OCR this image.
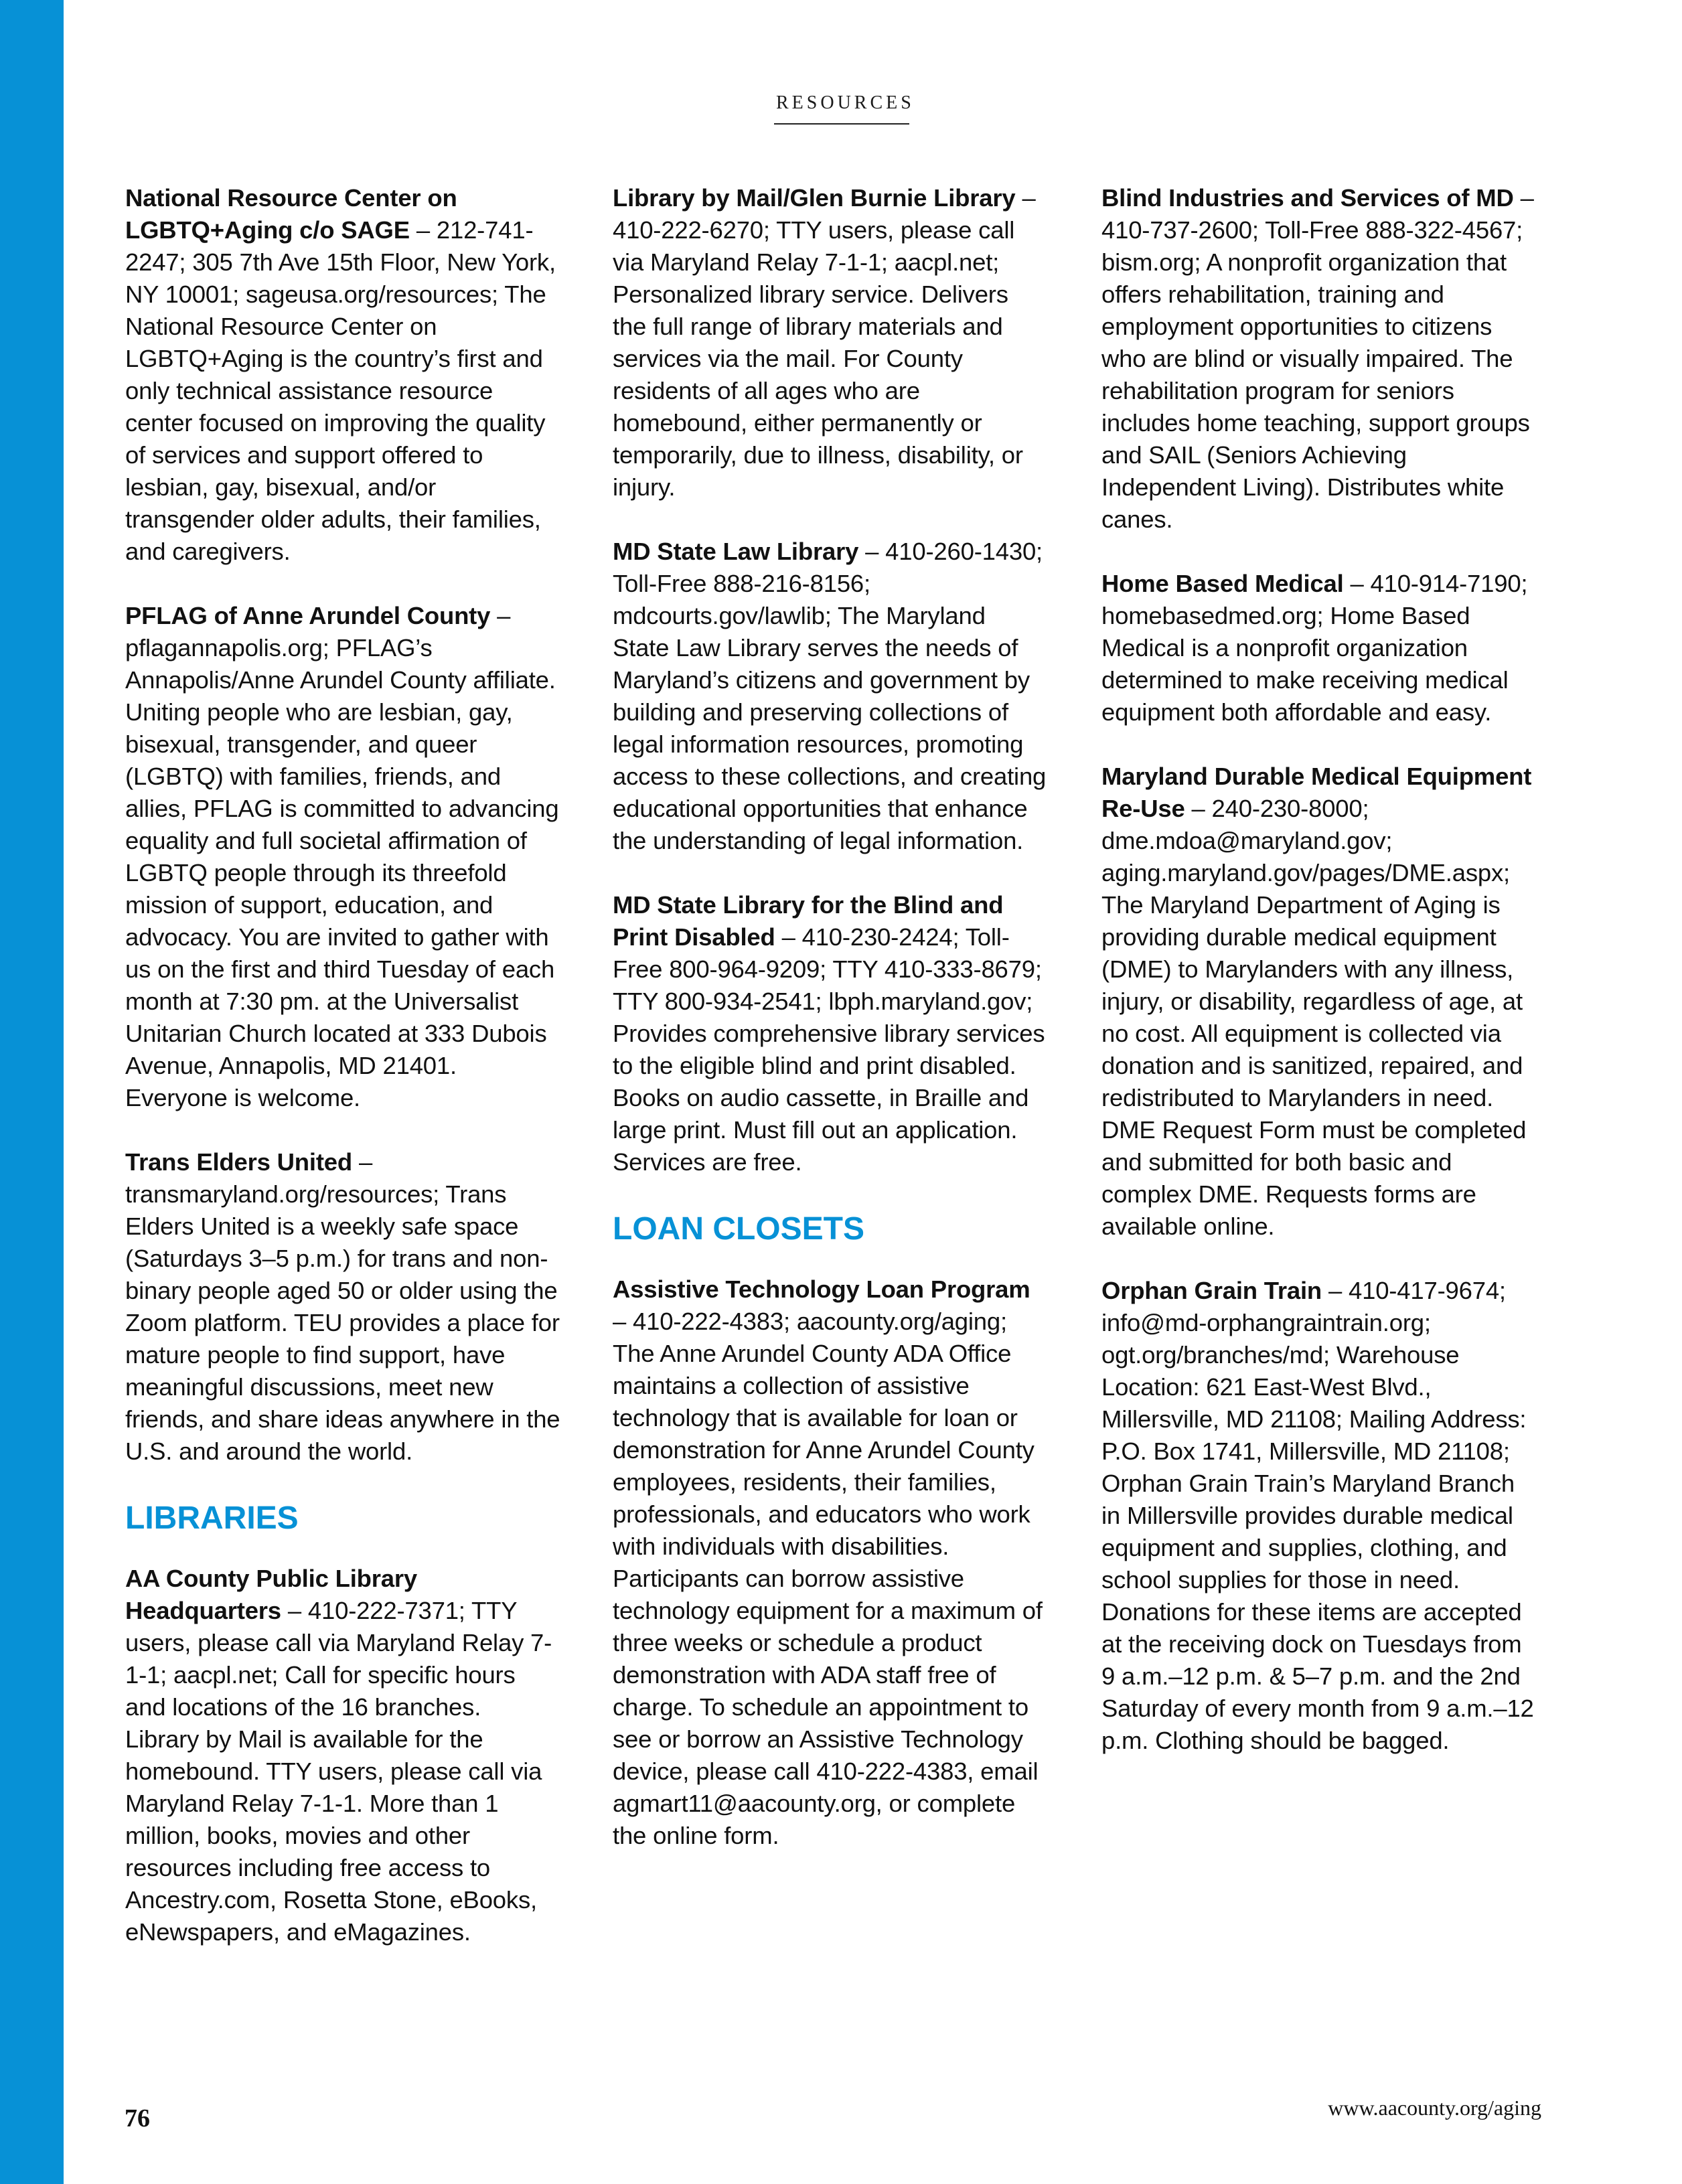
RESOURCES

National Resource Center on LGBTQ+Aging c/o SAGE – 212-741-2247; 305 7th Ave 15th Floor, New York, NY 10001; sageusa.org/resources; The National Resource Center on LGBTQ+Aging is the country’s first and only technical assistance resource center focused on improving the quality of services and support offered to lesbian, gay, bisexual, and/or transgender older adults, their families, and caregivers.

PFLAG of Anne Arundel County – pflagannapolis.org; PFLAG’s Annapolis/Anne Arundel County affiliate. Uniting people who are lesbian, gay, bisexual, transgender, and queer (LGBTQ) with families, friends, and allies, PFLAG is committed to advancing equality and full societal affirmation of LGBTQ people through its threefold mission of support, education, and advocacy. You are invited to gather with us on the first and third Tuesday of each month at 7:30 pm. at the Universalist Unitarian Church located at 333 Dubois Avenue, Annapolis, MD 21401. Everyone is welcome.

Trans Elders United – transmaryland.org/resources; Trans Elders United is a weekly safe space (Saturdays 3–5 p.m.) for trans and non-binary people aged 50 or older using the Zoom platform. TEU provides a place for mature people to find support, have meaningful discussions, meet new friends, and share ideas anywhere in the U.S. and around the world.

LIBRARIES

AA County Public Library Headquarters – 410-222-7371; TTY users, please call via Maryland Relay 7-1-1; aacpl.net; Call for specific hours and locations of the 16 branches. Library by Mail is available for the homebound. TTY users, please call via Maryland Relay 7-1-1. More than 1 million, books, movies and other resources including free access to Ancestry.com, Rosetta Stone, eBooks, eNewspapers, and eMagazines.

Library by Mail/Glen Burnie Library – 410-222-6270; TTY users, please call via Maryland Relay 7-1-1; aacpl.net; Personalized library service. Delivers the full range of library materials and services via the mail. For County residents of all ages who are homebound, either permanently or temporarily, due to illness, disability, or injury.

MD State Law Library – 410-260-1430; Toll-Free 888-216-8156; mdcourts.gov/lawlib; The Maryland State Law Library serves the needs of Maryland’s citizens and government by building and preserving collections of legal information resources, promoting access to these collections, and creating educational opportunities that enhance the understanding of legal information.

MD State Library for the Blind and Print Disabled – 410-230-2424; Toll-Free 800-964-9209; TTY 410-333-8679; TTY 800-934-2541; lbph.maryland.gov; Provides comprehensive library services to the eligible blind and print disabled. Books on audio cassette, in Braille and large print. Must fill out an application. Services are free.

LOAN CLOSETS

Assistive Technology Loan Program – 410-222-4383; aacounty.org/aging; The Anne Arundel County ADA Office maintains a collection of assistive technology that is available for loan or demonstration for Anne Arundel County employees, residents, their families, professionals, and educators who work with individuals with disabilities. Participants can borrow assistive technology equipment for a maximum of three weeks or schedule a product demonstration with ADA staff free of charge. To schedule an appointment to see or borrow an Assistive Technology device, please call 410-222-4383, email agmart11@aacounty.org, or complete the online form.

Blind Industries and Services of MD – 410-737-2600; Toll-Free 888-322-4567; bism.org; A nonprofit organization that offers rehabilitation, training and employment opportunities to citizens who are blind or visually impaired. The rehabilitation program for seniors includes home teaching, support groups and SAIL (Seniors Achieving Independent Living). Distributes white canes.

Home Based Medical – 410-914-7190; homebasedmed.org; Home Based Medical is a nonprofit organization determined to make receiving medical equipment both affordable and easy.

Maryland Durable Medical Equipment Re-Use – 240-230-8000; dme.mdoa@maryland.gov; aging.maryland.gov/pages/DME.aspx; The Maryland Department of Aging is providing durable medical equipment (DME) to Marylanders with any illness, injury, or disability, regardless of age, at no cost. All equipment is collected via donation and is sanitized, repaired, and redistributed to Marylanders in need. DME Request Form must be completed and submitted for both basic and complex DME. Requests forms are available online.

Orphan Grain Train – 410-417-9674; info@md-orphangraintrain.org; ogt.org/branches/md; Warehouse Location: 621 East-West Blvd., Millersville, MD 21108; Mailing Address: P.O. Box 1741, Millersville, MD 21108; Orphan Grain Train’s Maryland Branch in Millersville provides durable medical equipment and supplies, clothing, and school supplies for those in need. Donations for these items are accepted at the receiving dock on Tuesdays from 9 a.m.–12 p.m. & 5–7 p.m. and the 2nd Saturday of every month from 9 a.m.–12 p.m. Clothing should be bagged.

76	www.aacounty.org/aging
